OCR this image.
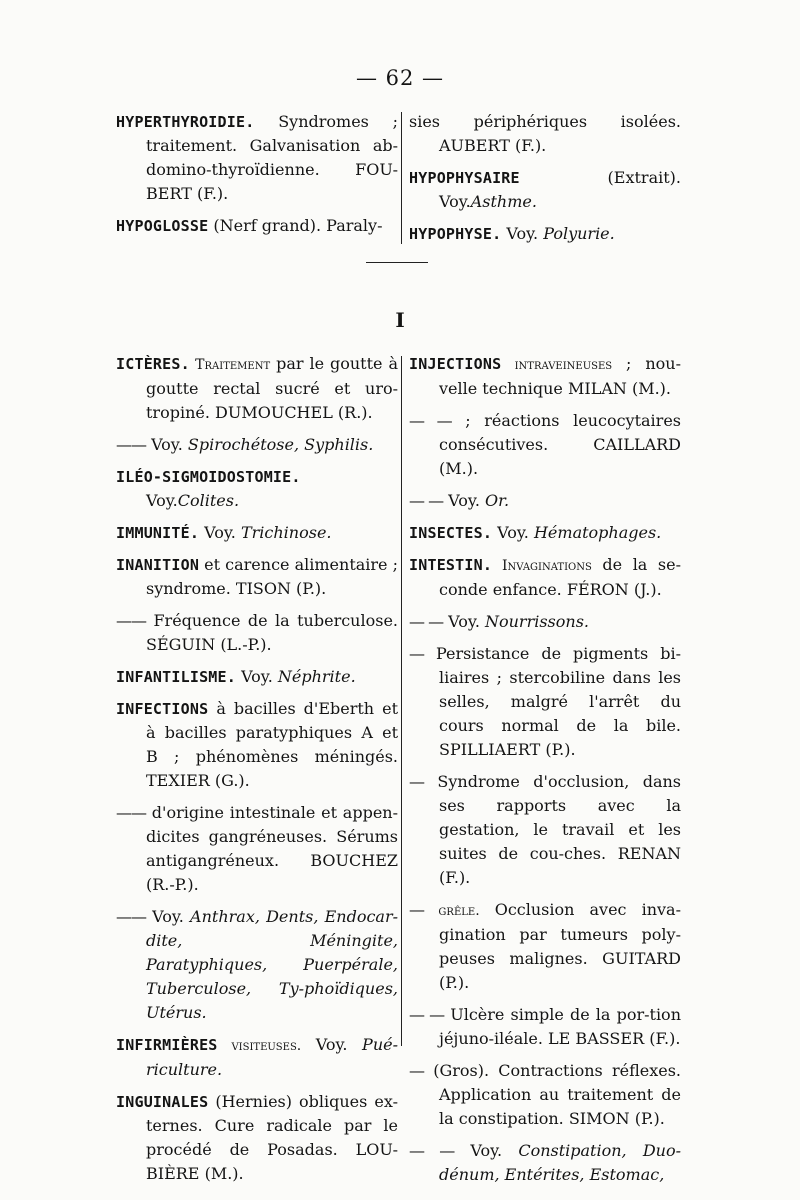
— 62 —

HYPERTHYROIDIE. Syndromes ; traitement. Galvanisation ab-domino-thyroïdienne. FOU-BERT (F.).

HYPOGLOSSE (Nerf grand). Paraly-

sies périphériques isolées. AUBERT (F.).

HYPOPHYSAIRE (Extrait). Voy.Asthme.

HYPOPHYSE. Voy. Polyurie.

I

ICTÈRES. Traitement par le goutte à goutte rectal sucré et uro-tropiné. DUMOUCHEL (R.).

—— Voy. Spirochétose, Syphilis.

ILÉO-SIGMOIDOSTOMIE. Voy.Colites.

IMMUNITÉ. Voy. Trichinose.

INANITION et carence alimentaire ; syndrome. TISON (P.).

—— Fréquence de la tuberculose. SÉGUIN (L.-P.).

INFANTILISME. Voy. Néphrite.

INFECTIONS à bacilles d'Eberth et à bacilles paratyphiques A et B ; phénomènes méningés. TEXIER (G.).

—— d'origine intestinale et appen-dicites gangréneuses. Sérums antigangréneux. BOUCHEZ (R.-P.).

—— Voy. Anthrax, Dents, Endocar-dite, Méningite, Paratyphiques, Puerpérale, Tuberculose, Ty-phoïdiques, Utérus.

INFIRMIÈRES visiteuses. Voy. Pué-riculture.

INGUINALES (Hernies) obliques ex-ternes. Cure radicale par le procédé de Posadas. LOU-BIÈRE (M.).

INJECTIONS intraveineuses ; nou-velle technique MILAN (M.).

— — ; réactions leucocytaires consécutives. CAILLARD (M.).

— — Voy. Or.

INSECTES. Voy. Hématophages.

INTESTIN. Invaginations de la se-conde enfance. FÉRON (J.).

— — Voy. Nourrissons.

— Persistance de pigments bi-liaires ; stercobiline dans les selles, malgré l'arrêt du cours normal de la bile. SPILLIAERT (P.).

— Syndrome d'occlusion, dans ses rapports avec la gestation, le travail et les suites de cou-ches. RENAN (F.).

— grêle. Occlusion avec inva-gination par tumeurs poly-peuses malignes. GUITARD (P.).

— — Ulcère simple de la por-tion jéjuno-iléale. LE BASSER (F.).

— (Gros). Contractions réflexes. Application au traitement de la constipation. SIMON (P.).

— — Voy. Constipation, Duo-dénum, Entérites, Estomac,
